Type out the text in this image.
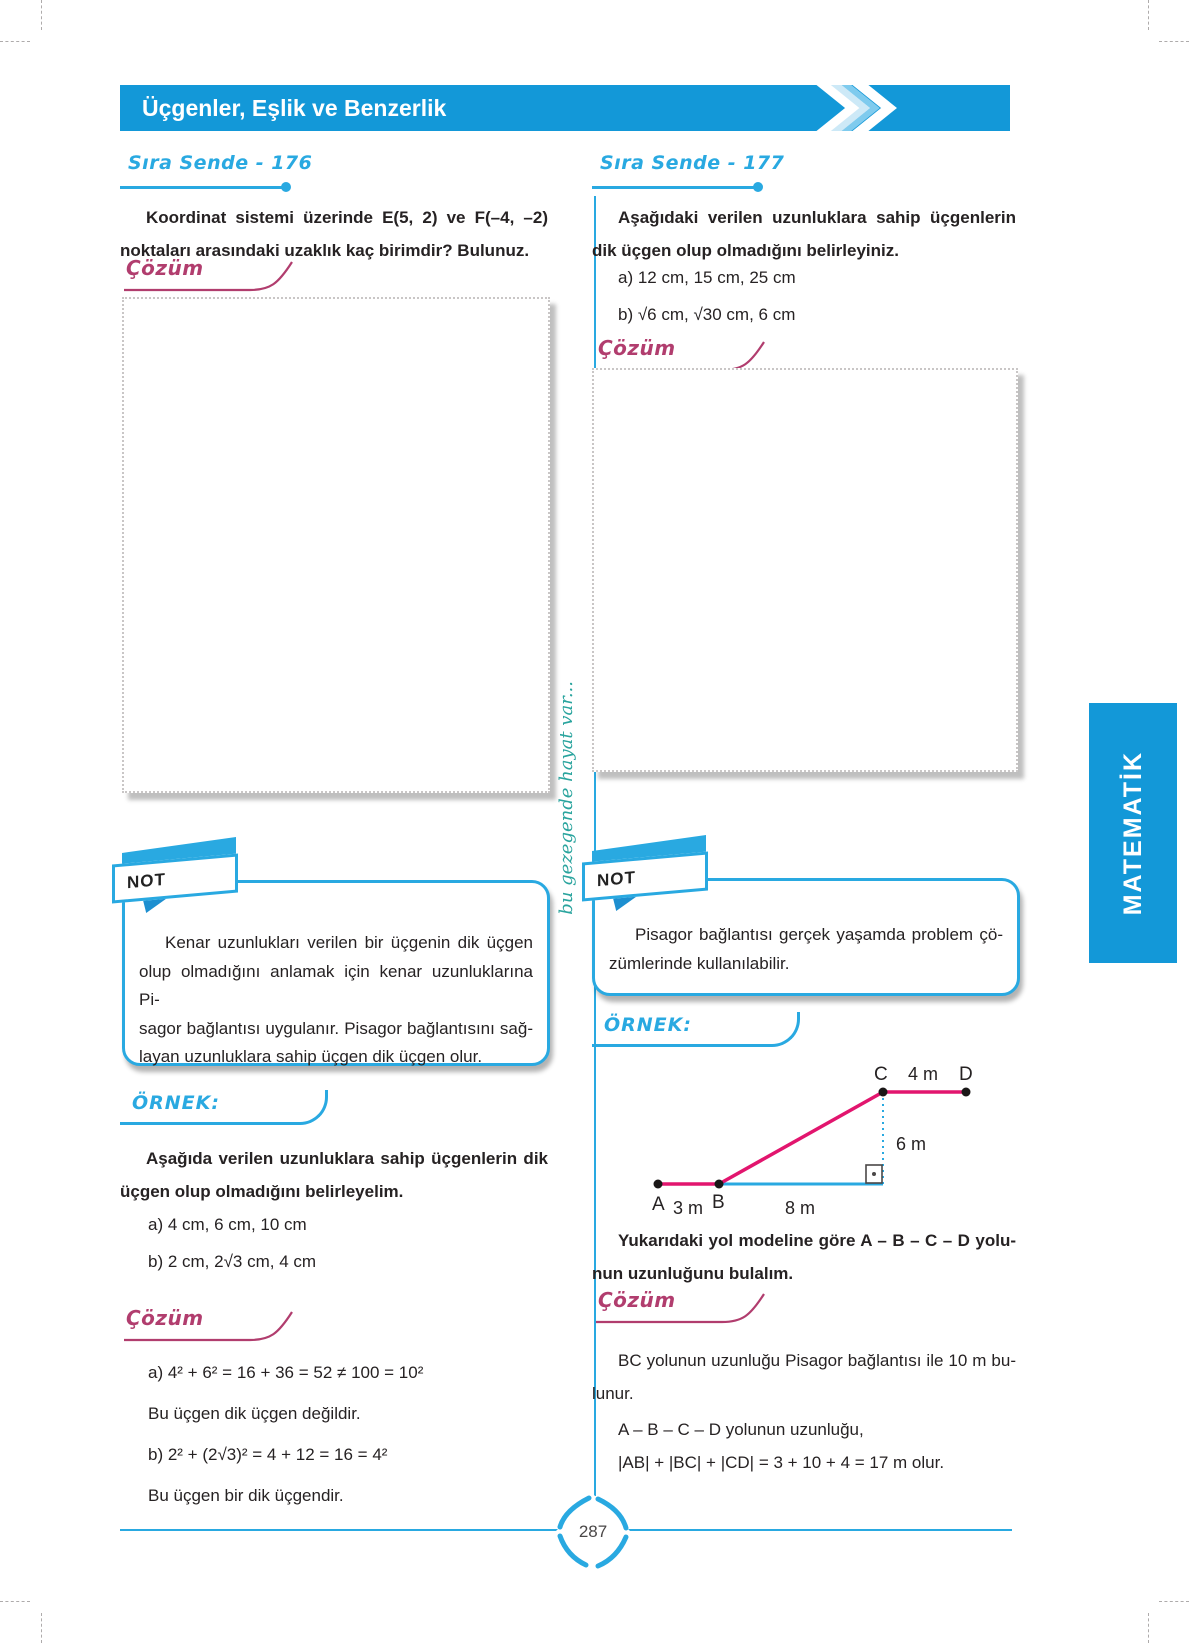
Üçgenler, Eşlik ve Benzerlik
Sıra Sende - 176
Koordinat sistemi üzerinde E(5, 2) ve F(–4, –2)
noktaları arasındaki uzaklık kaç birimdir? Bulunuz.
Çözüm
Kenar uzunlukları verilen bir üçgenin dik üçgen
olup olmadığını anlamak için kenar uzunluklarına Pi-
sagor bağlantısı uygulanır. Pisagor bağlantısını sağ-
layan uzunluklara sahip üçgen dik üçgen olur.
NOT
ÖRNEK:
Aşağıda verilen uzunluklara sahip üçgenlerin dik
üçgen olup olmadığını belirleyelim.
a) 4 cm, 6 cm, 10 cm
b) 2 cm, 2√3 cm, 4 cm
Çözüm
a) 4² + 6² = 16 + 36 = 52 ≠ 100 = 10²
Bu üçgen dik üçgen değildir.
b) 2² + (2√3)² = 4 + 12 = 16 = 4²
Bu üçgen bir dik üçgendir.
Sıra Sende - 177
Aşağıdaki verilen uzunluklara sahip üçgenlerin
dik üçgen olup olmadığını belirleyiniz.
a) 12 cm, 15 cm, 25 cm
b) √6 cm, √30 cm, 6 cm
Çözüm
Pisagor bağlantısı gerçek yaşamda problem çö-
zümlerinde kullanılabilir.
NOT
ÖRNEK:
A 3 m B	8 m
6 m
C 4 m D
Yukarıdaki yol modeline göre A – B – C – D yolu-
nun uzunluğunu bulalım.
Çözüm
BC yolunun uzunluğu Pisagor bağlantısı ile 10 m bu-
lunur.
A – B – C – D yolunun uzunluğu,
|AB| + |BC| + |CD| = 3 + 10 + 4 = 17 m olur.
bu gezegende hayat var...	MATEMATİK
287
